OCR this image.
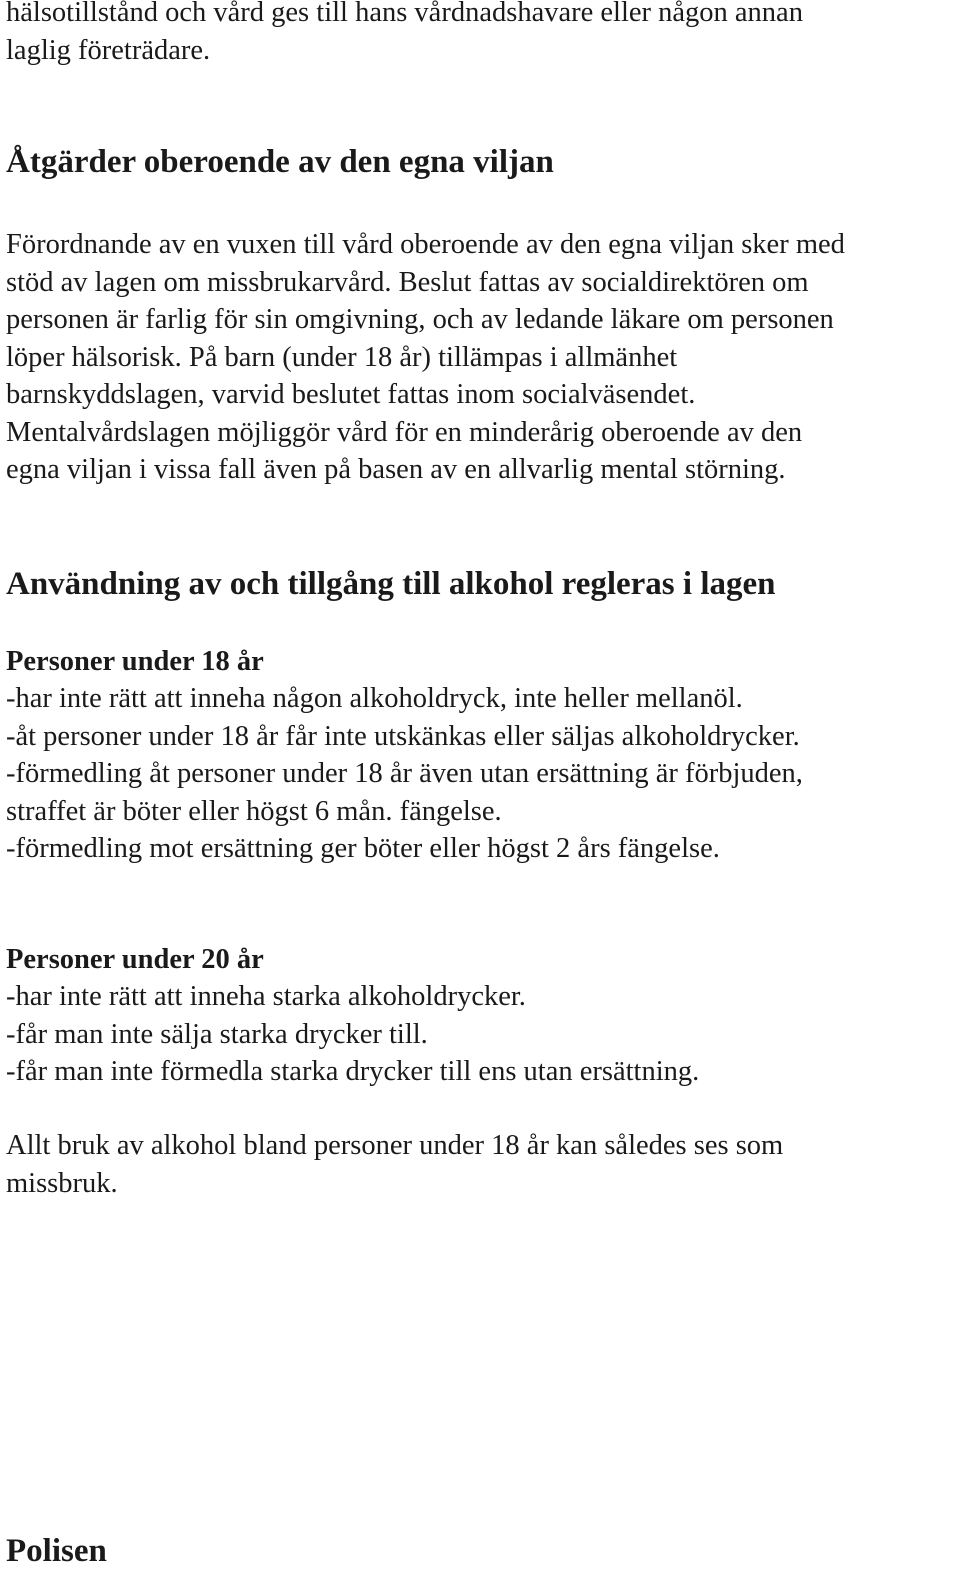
hälsotillstånd och vård ges till hans vårdnadshavare eller någon annan
laglig företrädare.

Åtgärder oberoende av den egna viljan

Förordnande av en vuxen till vård oberoende av den egna viljan sker med
stöd av lagen om missbrukarvård. Beslut fattas av socialdirektören om
personen är farlig för sin omgivning, och av ledande läkare om personen
löper hälsorisk. På barn (under 18 år) tillämpas i allmänhet
barnskyddslagen, varvid beslutet fattas inom socialväsendet.
Mentalvårdslagen möjliggör vård för en minderårig oberoende av den
egna viljan i vissa fall även på basen av en allvarlig mental störning.

Användning av och tillgång till alkohol regleras i lagen
Personer under 18 år

-har inte rätt att inneha någon alkoholdryck, inte heller mellanöl.
-åt personer under 18 år får inte utskänkas eller säljas alkoholdrycker.
-förmedling åt personer under 18 år även utan ersättning är förbjuden,
straffet är böter eller högst 6 mån. fängelse.
-förmedling mot ersättning ger böter eller högst 2 års fängelse.

Personer under 20 år

-har inte rätt att inneha starka alkoholdrycker.
-får man inte sälja starka drycker till.
-får man inte förmedla starka drycker till ens utan ersättning.

Allt bruk av alkohol bland personer under 18 år kan således ses som
missbruk.

Polisen
